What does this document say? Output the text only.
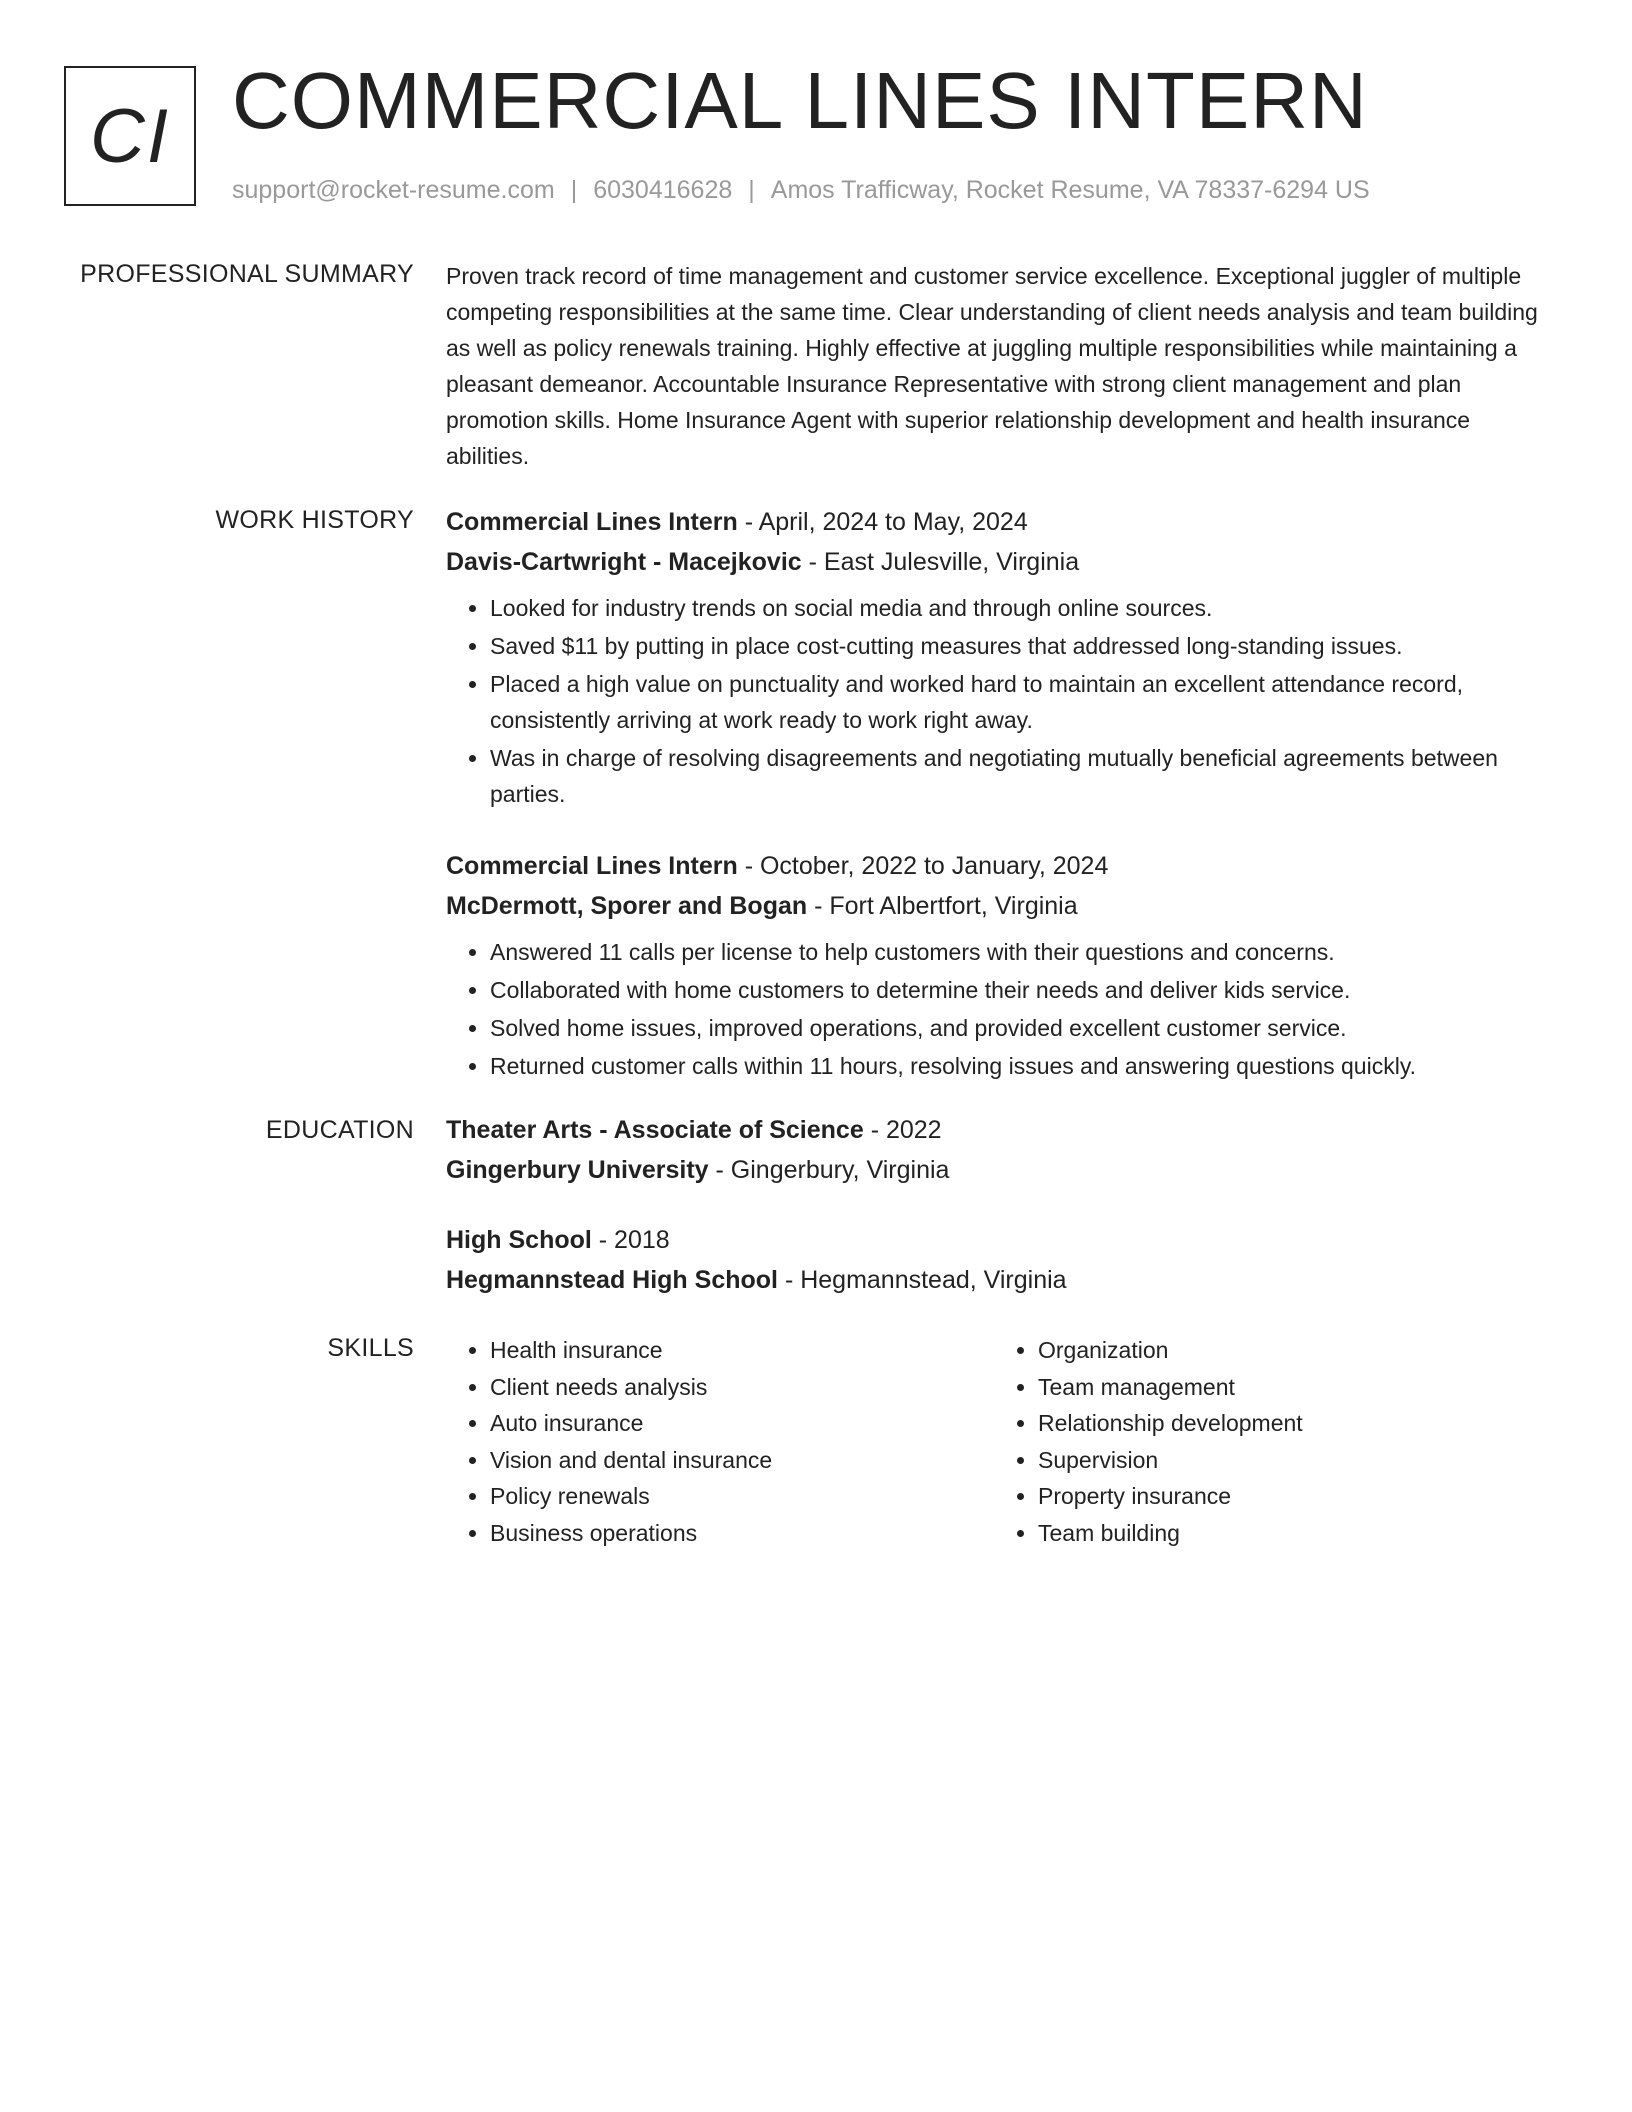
CI COMMERCIAL LINES INTERN
support@rocket-resume.com | 6030416628 | Amos Trafficway, Rocket Resume, VA 78337-6294 US
PROFESSIONAL SUMMARY Proven track record of time management and customer service excellence. Exceptional juggler of multiple competing responsibilities at the same time. Clear understanding of client needs analysis and team building as well as policy renewals training. Highly effective at juggling multiple responsibilities while maintaining a pleasant demeanor. Accountable Insurance Representative with strong client management and plan promotion skills. Home Insurance Agent with superior relationship development and health insurance abilities.

WORK HISTORY Commercial Lines Intern - April, 2024 to May, 2024
Davis-Cartwright - Macejkovic - East Julesville, Virginia
• Looked for industry trends on social media and through online sources.
• Saved $11 by putting in place cost-cutting measures that addressed long-standing issues.
• Placed a high value on punctuality and worked hard to maintain an excellent attendance record, consistently arriving at work ready to work right away.
• Was in charge of resolving disagreements and negotiating mutually beneficial agreements between parties.
Commercial Lines Intern - October, 2022 to January, 2024
McDermott, Sporer and Bogan - Fort Albertfort, Virginia
• Answered 11 calls per license to help customers with their questions and concerns.
• Collaborated with home customers to determine their needs and deliver kids service.
• Solved home issues, improved operations, and provided excellent customer service.
• Returned customer calls within 11 hours, resolving issues and answering questions quickly.
EDUCATION Theater Arts - Associate of Science - 2022
Gingerbury University - Gingerbury, Virginia
High School - 2018
Hegmannstead High School - Hegmannstead, Virginia
SKILLS
•	Health insurance
• Client needs analysis
• Auto insurance
• Vision and dental insurance
• Policy renewals
• Business operations
• Organization
• Team management
• Relationship development
• Supervision
• Property insurance
• Team building
